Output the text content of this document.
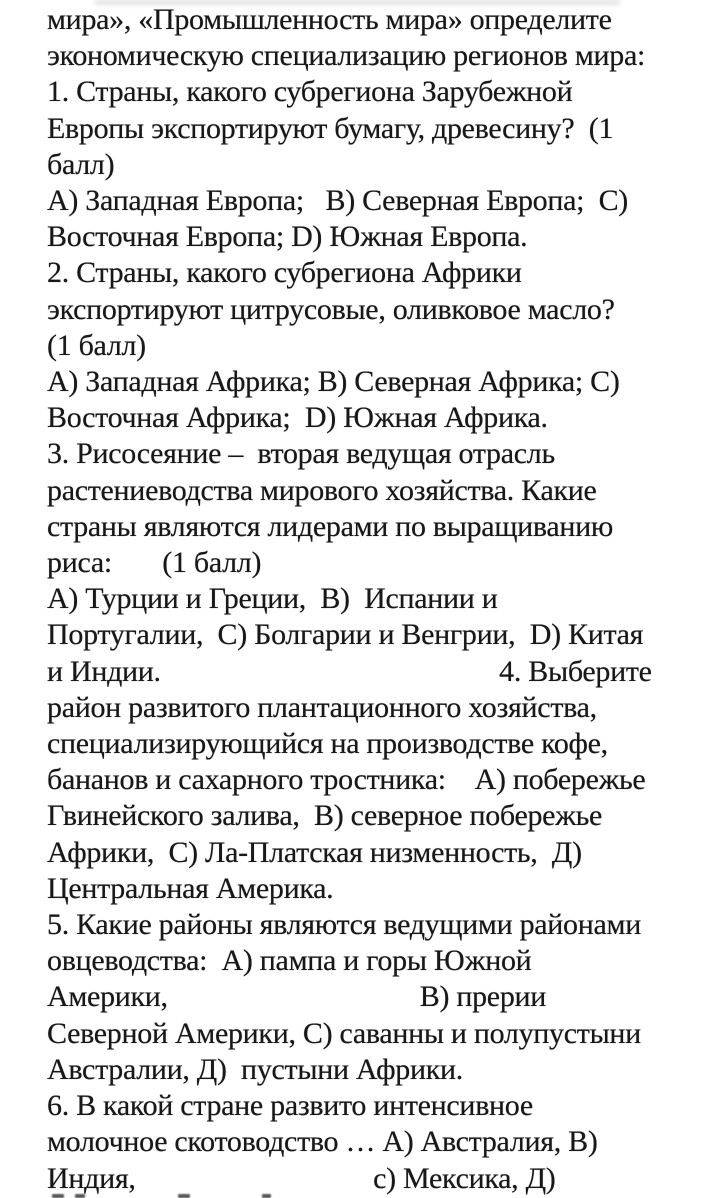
мира», «Промышленность мира» определите
экономическую специализацию регионов мира:
1. Страны, какого субрегиона Зарубежной
Европы экспортируют бумагу, древесину?  (1
балл)
А) Западная Европа;   В) Северная Европа;  С)
Восточная Европа; D) Южная Европа.
2. Страны, какого субрегиона Африки
экспортируют цитрусовые, оливковое масло?
(1 балл)
А) Западная Африка; В) Северная Африка; С)
Восточная Африка;  D) Южная Африка.
3. Рисосеяние –  вторая ведущая отрасль
растениеводства мирового хозяйства. Какие
страны являются лидерами по выращиванию
риса:       (1 балл)
А) Турции и Греции,  В)  Испании и
Португалии,  С) Болгарии и Венгрии,  D) Китая
и Индии.                                               4. Выберите
район развитого плантационного хозяйства,
специализирующийся на производстве кофе,
бананов и сахарного тростника:    А) побережье
Гвинейского залива,  В) северное побережье
Африки,  С) Ла-Платская низменность,  Д)
Центральная Америка.
5. Какие районы являются ведущими районами
овцеводства:  А) пампа и горы Южной
Америки,                                   В) прерии
Северной Америки, С) саванны и полупустыни
Австралии, Д)  пустыни Африки.
6. В какой стране развито интенсивное
молочное скотоводство … А) Австралия, В)
Индия,                                 с) Мексика, Д)
